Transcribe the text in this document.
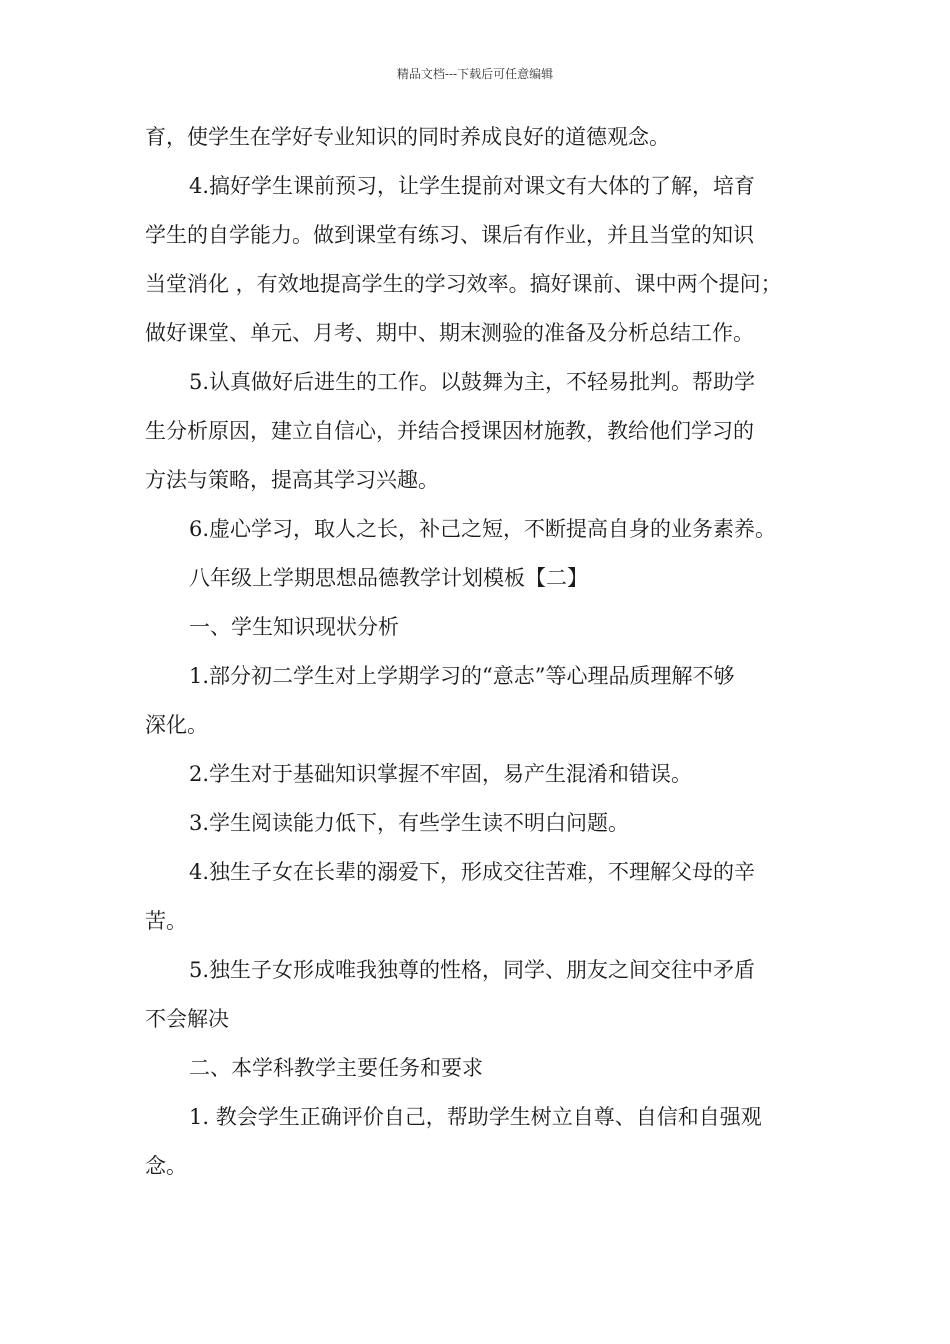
精品文档---下载后可任意编辑
育，使学生在学好专业知识的同时养成良好的道德观念。
4.搞好学生课前预习，让学生提前对课文有大体的了解，培育
学生的自学能力。做到课堂有练习、课后有作业，并且当堂的知识
当堂消化 ，有效地提高学生的学习效率。搞好课前、课中两个提问；
做好课堂、单元、月考、期中、期末测验的准备及分析总结工作。
5.认真做好后进生的工作。以鼓舞为主，不轻易批判。帮助学
生分析原因，建立自信心，并结合授课因材施教，教给他们学习的
方法与策略，提高其学习兴趣。
6.虚心学习，取人之长，补己之短，不断提高自身的业务素养。
八年级上学期思想品德教学计划模板【二】
一、学生知识现状分析
1.部分初二学生对上学期学习的“意志”等心理品质理解不够
深化。
2.学生对于基础知识掌握不牢固，易产生混淆和错误。
3.学生阅读能力低下，有些学生读不明白问题。
4.独生子女在长辈的溺爱下，形成交往苦难，不理解父母的辛
苦。
5.独生子女形成唯我独尊的性格，同学、朋友之间交往中矛盾
不会解决
二、本学科教学主要任务和要求
1. 教会学生正确评价自己，帮助学生树立自尊、自信和自强观
念。
